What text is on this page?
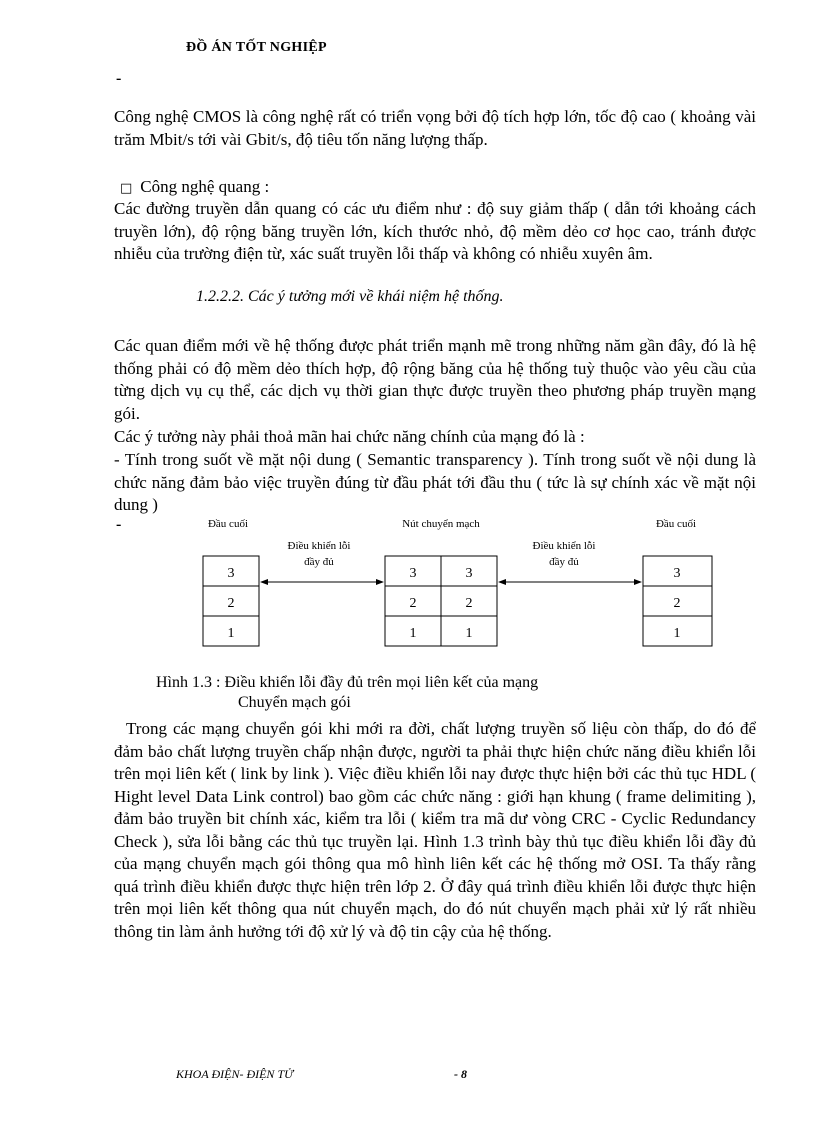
ĐỒ ÁN TỐT NGHIỆP
-

Công nghệ CMOS là công nghệ rất có triển vọng bởi độ tích hợp lớn, tốc độ cao ( khoảng vài trăm Mbit/s tới vài Gbit/s, độ tiêu tốn năng lượng thấp.

□ Công nghệ quang :

Các đường truyền dẫn quang có các ưu điểm như : độ suy giảm thấp ( dẫn tới khoảng cách truyền lớn), độ rộng băng truyền lớn, kích thước nhỏ, độ mềm dẻo cơ học cao, tránh được nhiễu của trường điện từ, xác suất truyền lỗi thấp và không có nhiễu xuyên âm.

1.2.2.2. Các ý tưởng mới về khái niệm hệ thống.

Các quan điểm mới về hệ thống được phát triển mạnh mẽ trong những năm gần đây, đó là hệ thống phải có độ mềm dẻo thích hợp, độ rộng băng của hệ thống tuỳ thuộc vào yêu cầu của từng dịch vụ cụ thể, các dịch vụ thời gian thực được truyền theo phương pháp truyền mạng gói.

Các ý tưởng này phải thoả mãn hai chức năng chính của mạng đó là :

- Tính trong suốt về mặt nội dung ( Semantic transparency ). Tính trong suốt về nội dung là chức năng đảm bảo việc truyền đúng từ đầu phát tới đầu thu ( tức là sự chính xác về mặt nội dung )

-	Đầu cuối	Nút chuyển mạch	Đầu cuối
Điều khiển lỗi
đầy đủ
Điều khiển lỗi
đầy đủ
3
2
1
3
2
1
3
2
1
3
2
1
Hình 1.3 : Điều khiển lỗi đầy đủ trên mọi liên kết của mạng
Chuyển mạch gói

Trong các mạng chuyển gói khi mới ra đời, chất lượng truyền số liệu còn thấp, do đó để đảm bảo chất lượng truyền chấp nhận được, người ta phải thực hiện chức năng điều khiển lỗi trên mọi liên kết ( link by link ). Việc điều khiển lỗi nay được thực hiện bởi các thủ tục HDL ( Hight level Data Link control) bao gồm các chức năng : giới hạn khung ( frame delimiting ), đảm bảo truyền bit chính xác, kiểm tra lỗi ( kiểm tra mã dư vòng CRC - Cyclic Redundancy Check ), sửa lỗi bằng các thủ tục truyền lại. Hình 1.3 trình bày thủ tục điều khiển lỗi đầy đủ của mạng chuyển mạch gói thông qua mô hình liên kết các hệ thống mở OSI. Ta thấy rằng quá trình điều khiển được thực hiện trên lớp 2. Ở đây quá trình điều khiển lỗi được thực hiện trên mọi liên kết thông qua nút chuyển mạch, do đó nút chuyển mạch phải xử lý rất nhiều thông tin làm ảnh hưởng tới độ xử lý và độ tin cậy của hệ thống.

KHOA ĐIỆN- ĐIỆN TỬ	- 8
